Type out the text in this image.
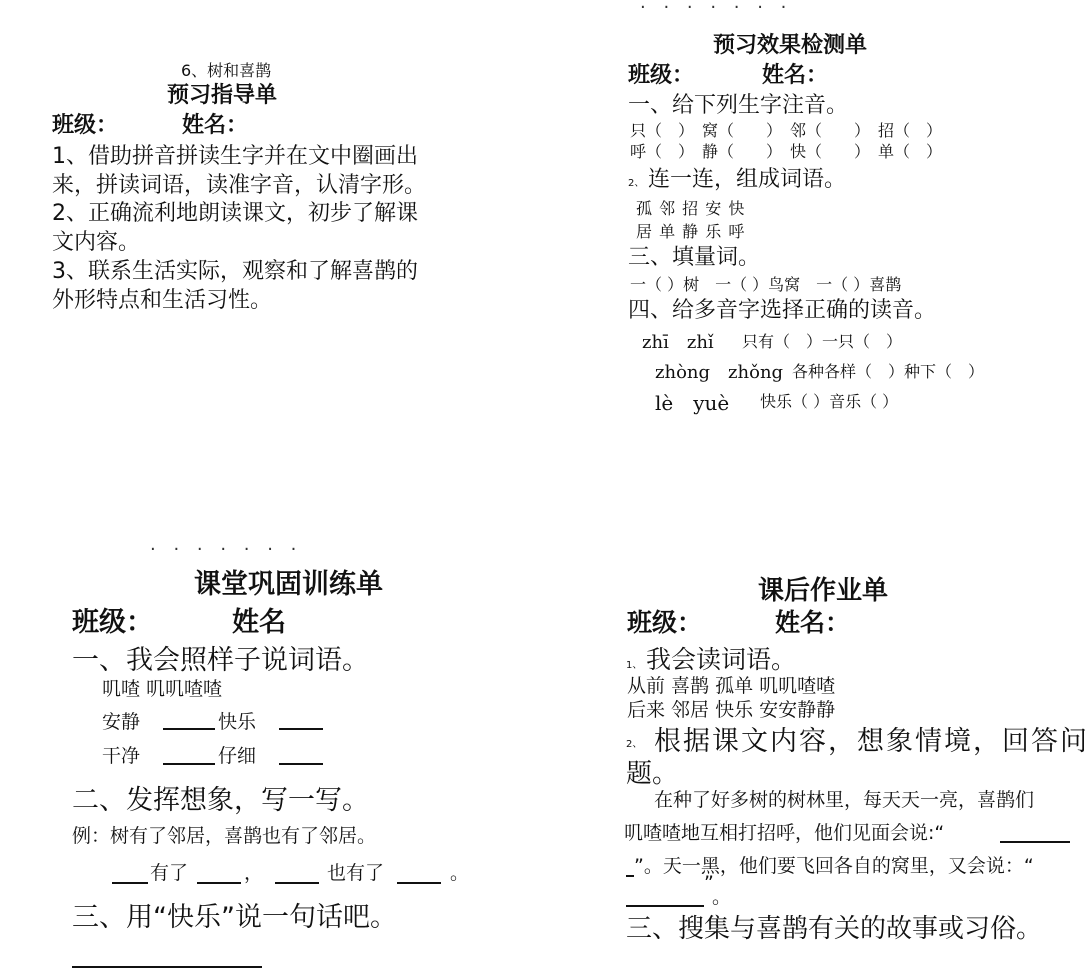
6、树和喜鹊
预习指导单
班级：	姓名：
1、借助拼音拼读生字并在文中圈画出
来，拼读词语，读准字音，认清字形。
2、正确流利地朗读课文，初步了解课
文内容。
3、联系生活实际，观察和了解喜鹊的
外形特点和生活习性。
· · · · · · ·
预习效果检测单
班级：	姓名：
一、给下列生字注音。
只（　）　窝（　　）　邻（　　）　招（　）
呼（　）　静（　　）　快（　　）　单（　）
2、 连一连，组成词语。
孤 邻 招 安 快
居 单 静 乐 呼
三、填量词。
一（ ）树　一（ ）鸟窝　一（ ）喜鹊
四、给多音字选择正确的读音。
zhī　zhǐ 只有（　）一只（　）
zhòng　zhǒng 各种各样（　）种下（　）
lè　yuè 快乐（ ）音乐（ ）
· · · · · · ·
课堂巩固训练单
班级：	姓名
一、我会照样子说词语。
叽喳 叽叽喳喳
安静	快乐
干净	仔细
二、发挥想象，写一写。
例：树有了邻居，喜鹊也有了邻居。
有了	，	也有了	。
三、用“快乐”说一句话吧。
课后作业单
班级：	姓名：
1、 我会读词语。
从前 喜鹊 孤单 叽叽喳喳
后来 邻居 快乐 安安静静
2、 根据课文内容，想象情境，回答问
题。
在种了好多树的树林里，每天天一亮，喜鹊们
叽喳喳地互相打招呼，他们见面会说:“
”。天一黑，他们要飞回各自的窝里，又会说：“
”
。
三、搜集与喜鹊有关的故事或习俗。
